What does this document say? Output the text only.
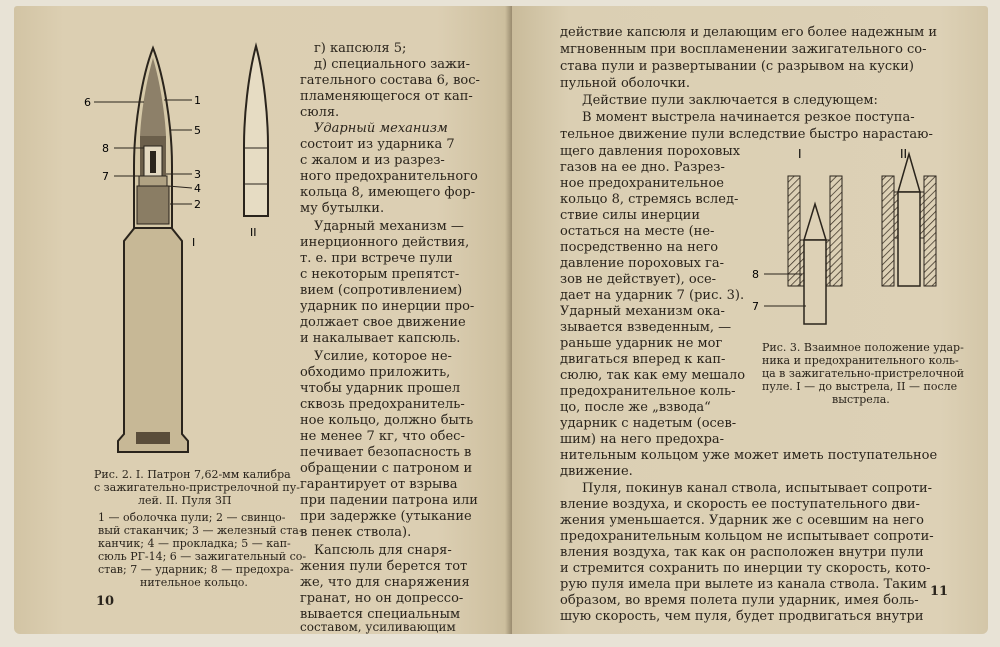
6	1
5
8
7	3
4
2
I
II
Рис. 2. I. Патрон 7,62-мм калибра
с зажигательно-пристрелочной пу-
лей. II. Пуля ЗП
1 — оболочка пули; 2 — свинцо-
вый стаканчик; 3 — железный ста-
канчик; 4 — прокладка; 5 — кап-
сюль РГ-14; 6 — зажигательный со-
став; 7 — ударник; 8 — предохра-
нительное кольцо.
г) капсюля 5;
д) специального зажи-
гательного состава 6, вос-
пламеняющегося от кап-
сюля.
Ударный механизм
состоит из ударника 7
с жалом и из разрез-
ного предохранительного
кольца 8, имеющего фор-
му бутылки.
Ударный механизм —
инерционного действия,
т. е. при встрече пули
с некоторым препятст-
вием (сопротивлением)
ударник по инерции про-
должает свое движение
и накалывает капсюль.
Усилие, которое не-
обходимо приложить,
чтобы ударник прошел
сквозь предохранитель-
ное кольцо, должно быть
не менее 7 кг, что обес-
печивает безопасность в
обращении с патроном и
гарантирует от взрыва
при падении патрона или
при задержке (утыкание
в пенек ствола).
Капсюль для снаря-
жения пули берется тот
же, что для снаряжения
гранат, но он допрессо-
вывается специальным
составом, усиливающим
10
действие капсюля и делающим его более надежным и
мгновенным при воспламенении зажигательного со-
става пули и развертывании (с разрывом на куски)
пульной оболочки.
Действие пули заключается в следующем:
В момент выстрела начинается резкое поступа-
тельное движение пули вследствие быстро нарастаю-
щего давления пороховых
газов на ее дно. Разрез-
ное предохранительное
кольцо 8, стремясь вслед-
ствие силы инерции
остаться на месте (не-
посредственно на него
давление пороховых га-
зов не действует), осе-
дает на ударник 7 (рис. 3).
Ударный механизм ока-
зывается взведенным, —
раньше ударник не мог
двигаться вперед к кап-
сюлю, так как ему мешало
предохранительное коль-
цо, после же „взвода“
ударник с надетым (осев-
шим) на него предохра-
I	II
8
7
Рис. 3. Взаимное положение удар-
ника и предохранительного коль-
ца в зажигательно-пристрелочной
пуле. I — до выстрела, II — после
выстрела.
нительным кольцом уже может иметь поступательное
движение.
Пуля, покинув канал ствола, испытывает сопроти-
вление воздуха, и скорость ее поступательного дви-
жения уменьшается. Ударник же с осевшим на него
предохранительным кольцом не испытывает сопроти-
вления воздуха, так как он расположен внутри пули
и стремится сохранить по инерции ту скорость, кото-
рую пуля имела при вылете из канала ствола. Таким
образом, во время полета пули ударник, имея боль-
шую скорость, чем пуля, будет продвигаться внутри
11
